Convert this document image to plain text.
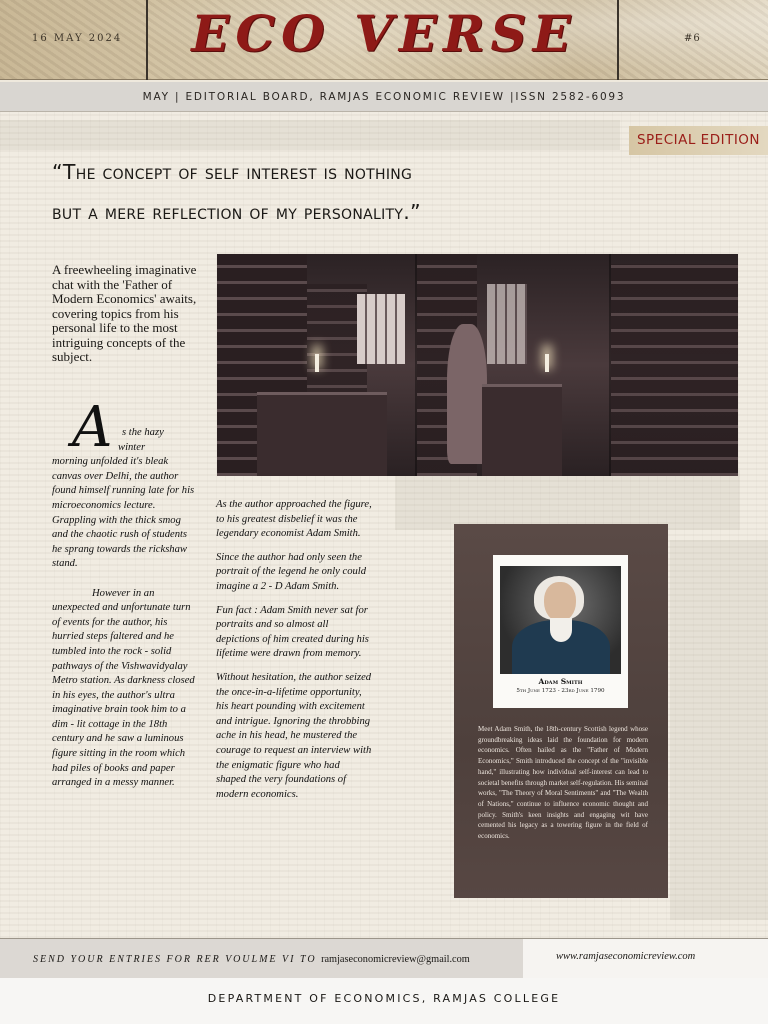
16 MAY 2024	ECO VERSE	#6
MAY | EDITORIAL BOARD, RAMJAS ECONOMIC REVIEW |ISSN 2582-6093
SPECIAL EDITION
“The concept of self interest is nothing
but a mere reflection of my personality.”
A freewheeling imaginative chat with the 'Father of Modern Economics' awaits, covering topics from his personal life to the most intriguing concepts of the subject.
A s the hazy
winter
morning unfolded it's bleak canvas over Delhi, the author found himself running late for his microeconomics lecture. Grappling with the thick smog and the chaotic rush of students he sprang towards the rickshaw stand.

However in an unexpected and unfortunate turn of events for the author, his hurried steps faltered and he tumbled into the rock - solid pathways of the Vishwavidyalay Metro station. As darkness closed in his eyes, the author's ultra imaginative brain took him to a dim - lit cottage in the 18th century and he saw a luminous figure sitting in the room which had piles of books and paper arranged in a messy manner.

As the author approached the figure, to his greatest disbelief it was the legendary economist Adam Smith.

Since the author had only seen the portrait of the legend he only could imagine a 2 - D Adam Smith.

Fun fact : Adam Smith never sat for portraits and so almost all depictions of him created during his lifetime were drawn from memory.

Without hesitation, the author seized the once-in-a-lifetime opportunity, his heart pounding with excitement and intrigue. Ignoring the throbbing ache in his head, he mustered the courage to request an interview with the enigmatic figure who had shaped the very foundations of modern economics.

Adam Smith
5th June 1723 - 23rd June 1790
Meet Adam Smith, the 18th-century Scottish legend whose groundbreaking ideas laid the foundation for modern economics. Often hailed as the "Father of Modern Economics," Smith introduced the concept of the "invisible hand," illustrating how individual self-interest can lead to societal benefits through market self-regulation. His seminal works, "The Theory of Moral Sentiments" and "The Wealth of Nations," continue to influence economic thought and policy. Smith's keen insights and engaging wit have cemented his legacy as a towering figure in the field of economics.
SEND YOUR ENTRIES FOR RER VOULME VI TO ramjaseconomicreview@gmail.com	www.ramjaseconomicreview.com
DEPARTMENT OF ECONOMICS, RAMJAS COLLEGE
